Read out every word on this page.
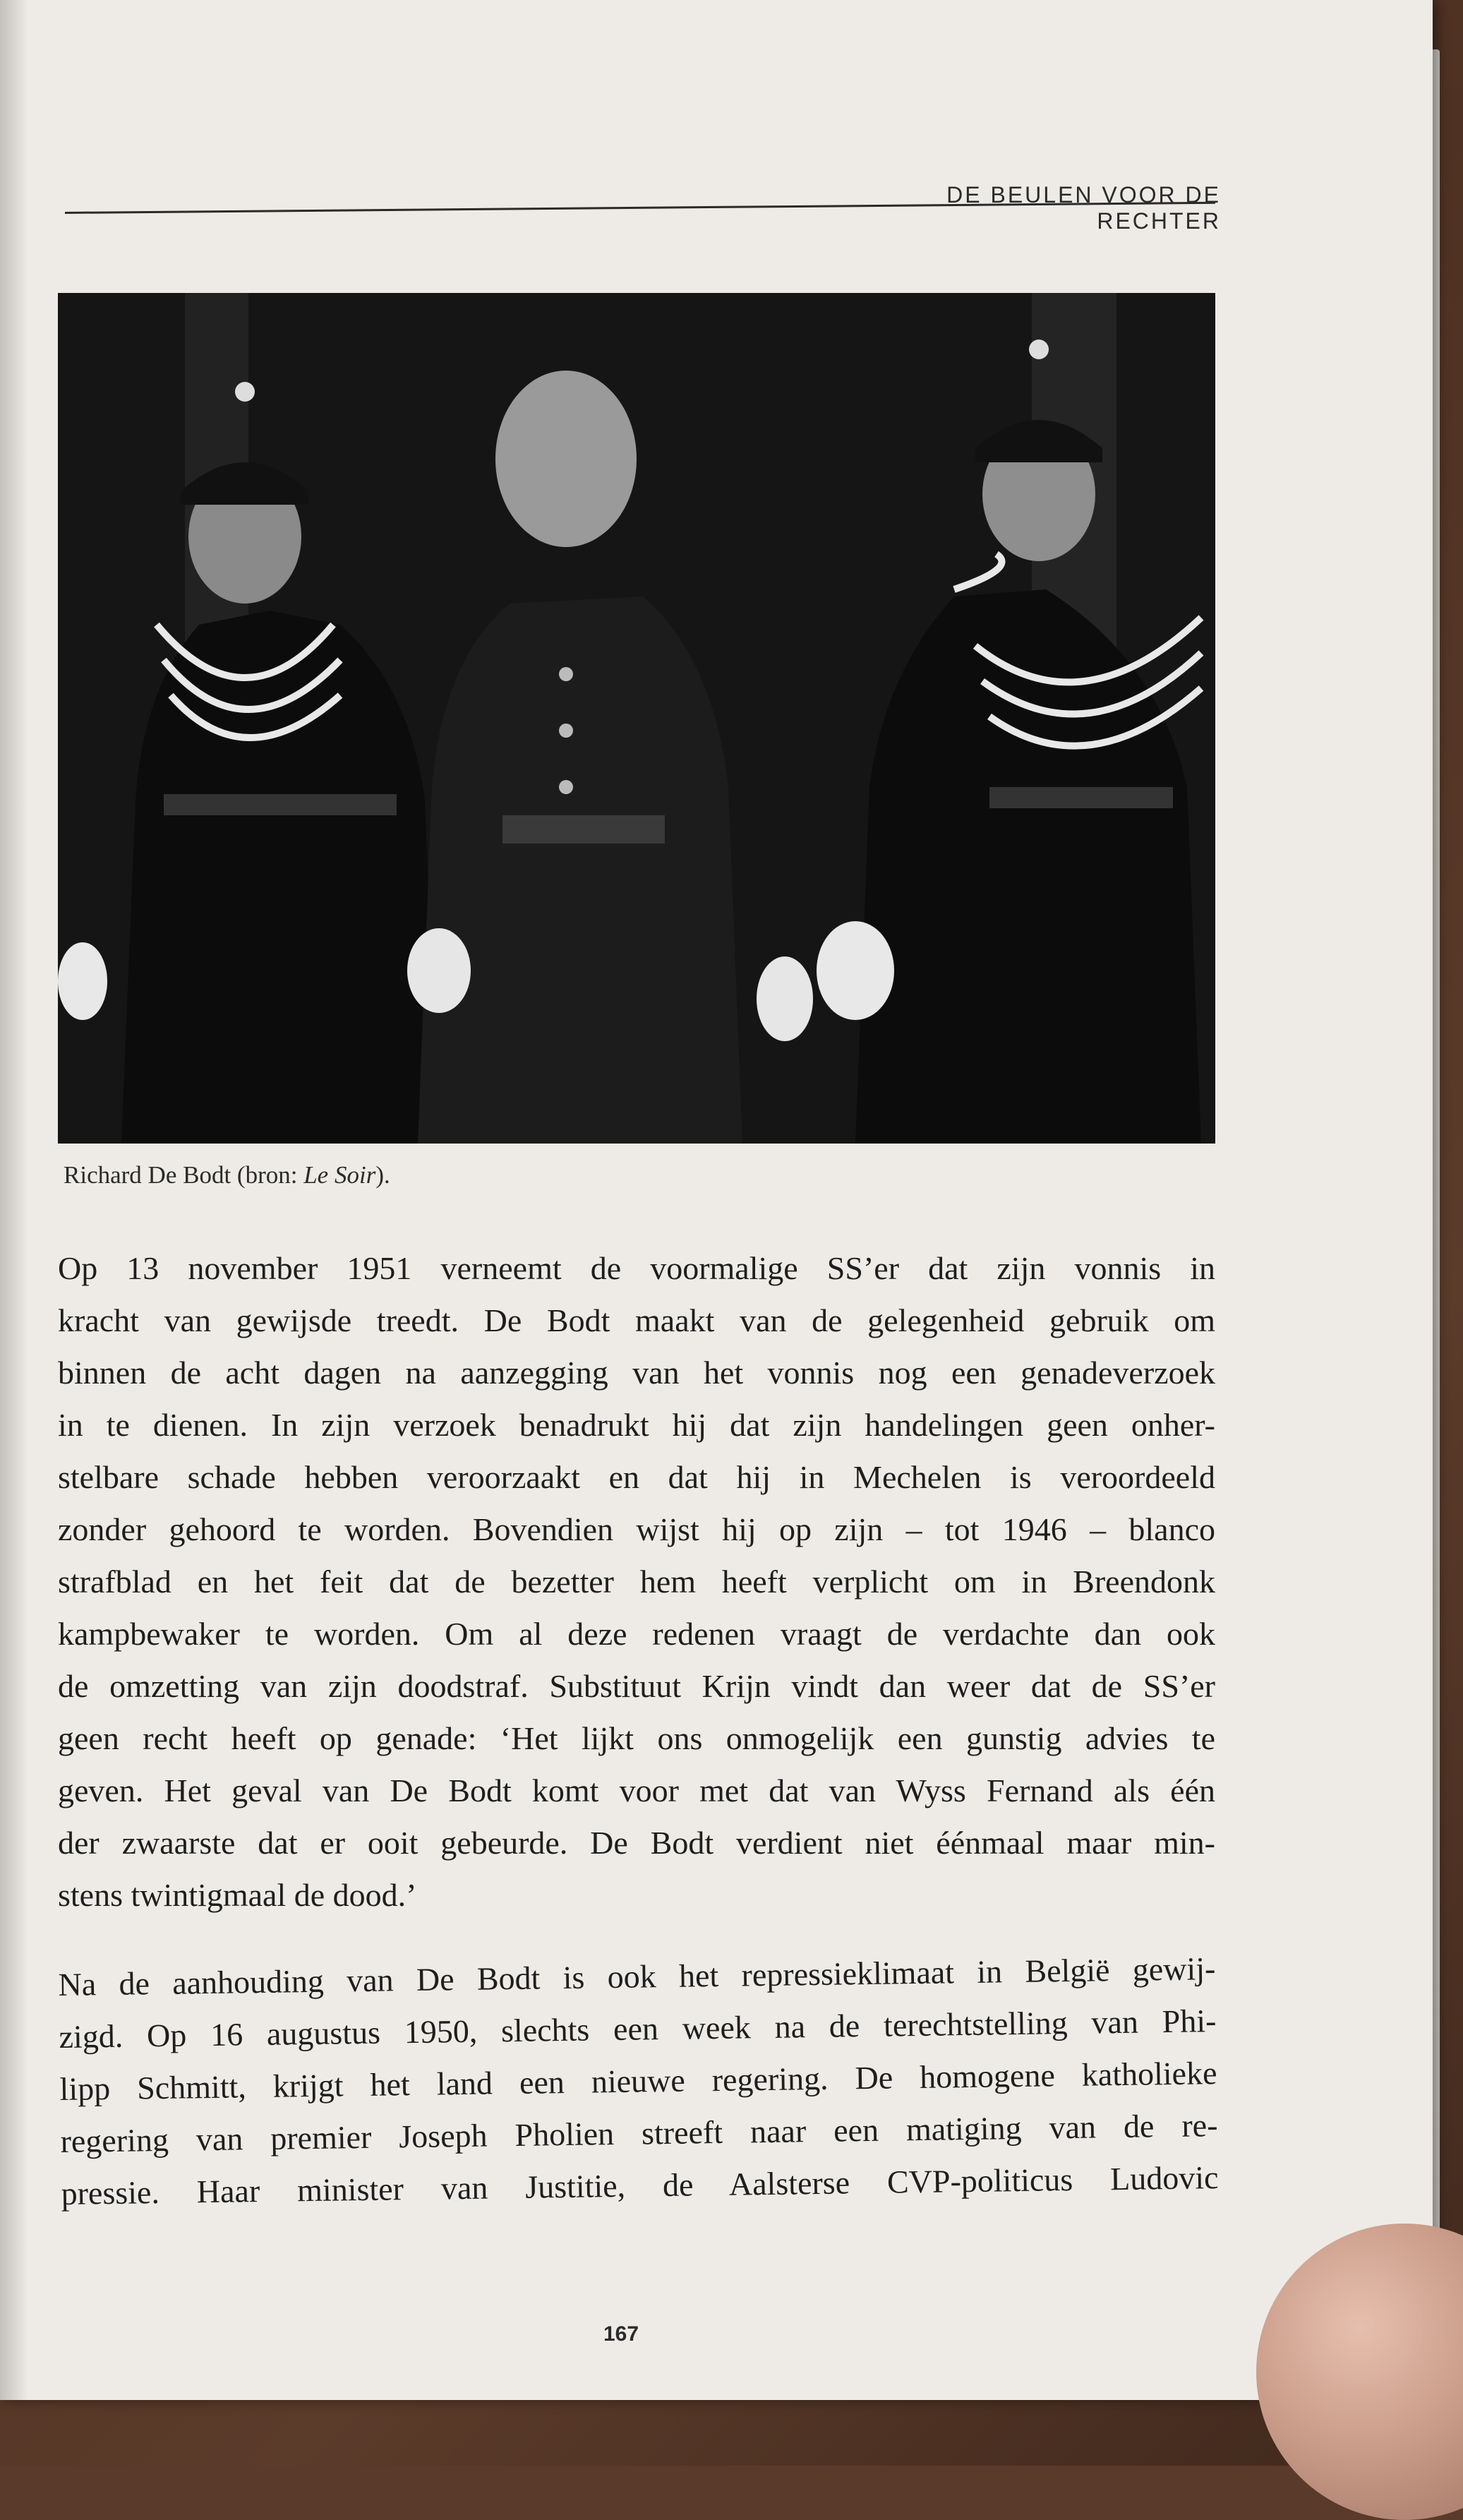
DE BEULEN VOOR DE RECHTER
Richard De Bodt (bron: Le Soir).
Op 13 november 1951 verneemt de voormalige SS’er dat zijn vonnis in
kracht van gewijsde treedt. De Bodt maakt van de gelegenheid gebruik om
binnen de acht dagen na aanzegging van het vonnis nog een genadeverzoek
in te dienen. In zijn verzoek benadrukt hij dat zijn handelingen geen onher-
stelbare schade hebben veroorzaakt en dat hij in Mechelen is veroordeeld
zonder gehoord te worden. Bovendien wijst hij op zijn – tot 1946 – blanco
strafblad en het feit dat de bezetter hem heeft verplicht om in Breendonk
kampbewaker te worden. Om al deze redenen vraagt de verdachte dan ook
de omzetting van zijn doodstraf. Substituut Krijn vindt dan weer dat de SS’er
geen recht heeft op genade: ‘Het lijkt ons onmogelijk een gunstig advies te
geven. Het geval van De Bodt komt voor met dat van Wyss Fernand als één
der zwaarste dat er ooit gebeurde. De Bodt verdient niet éénmaal maar min-
stens twintigmaal de dood.’
Na de aanhouding van De Bodt is ook het repressieklimaat in België gewij-
zigd. Op 16 augustus 1950, slechts een week na de terechtstelling van Phi-
lipp Schmitt, krijgt het land een nieuwe regering. De homogene katholieke
regering van premier Joseph Pholien streeft naar een matiging van de re-
pressie. Haar minister van Justitie, de Aalsterse CVP-politicus Ludovic
167
